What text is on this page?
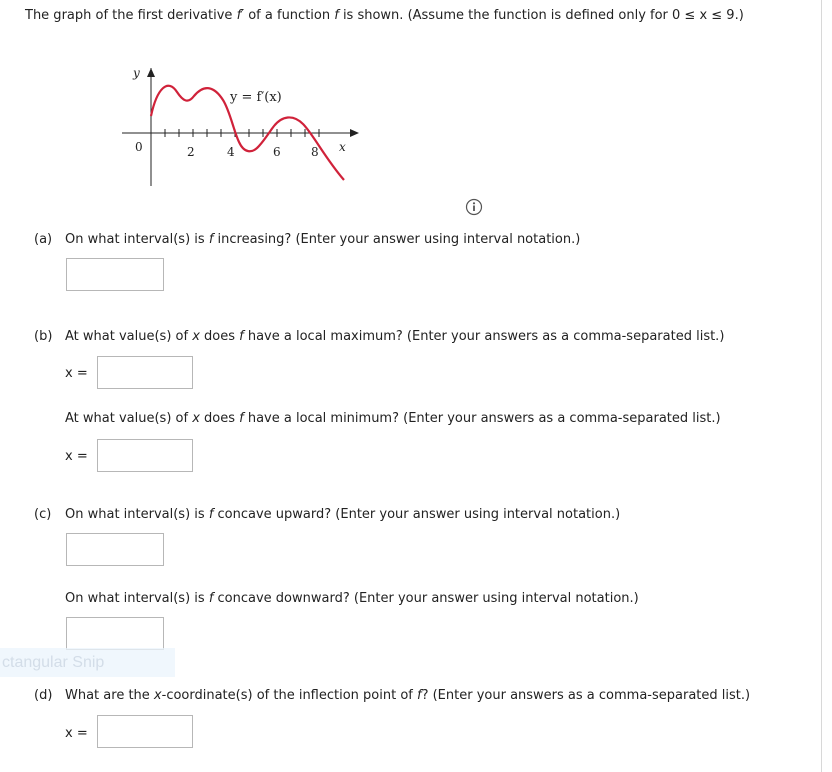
The graph of the first derivative f′ of a function f is shown. (Assume the function is defined only for 0 ≤ x ≤ 9.)
y
y = f′(x)
0	2	4	6	8 x
(a) On what interval(s) is f increasing? (Enter your answer using interval notation.)
(b) At what value(s) of x does f have a local maximum? (Enter your answers as a comma-separated list.)
x =
At what value(s) of x does f have a local minimum? (Enter your answers as a comma-separated list.)
x =
(c) On what interval(s) is f concave upward? (Enter your answer using interval notation.)
On what interval(s) is f concave downward? (Enter your answer using interval notation.)
ctangular Snip
(d) What are the x-coordinate(s) of the inflection point of f? (Enter your answers as a comma-separated list.)
x =
